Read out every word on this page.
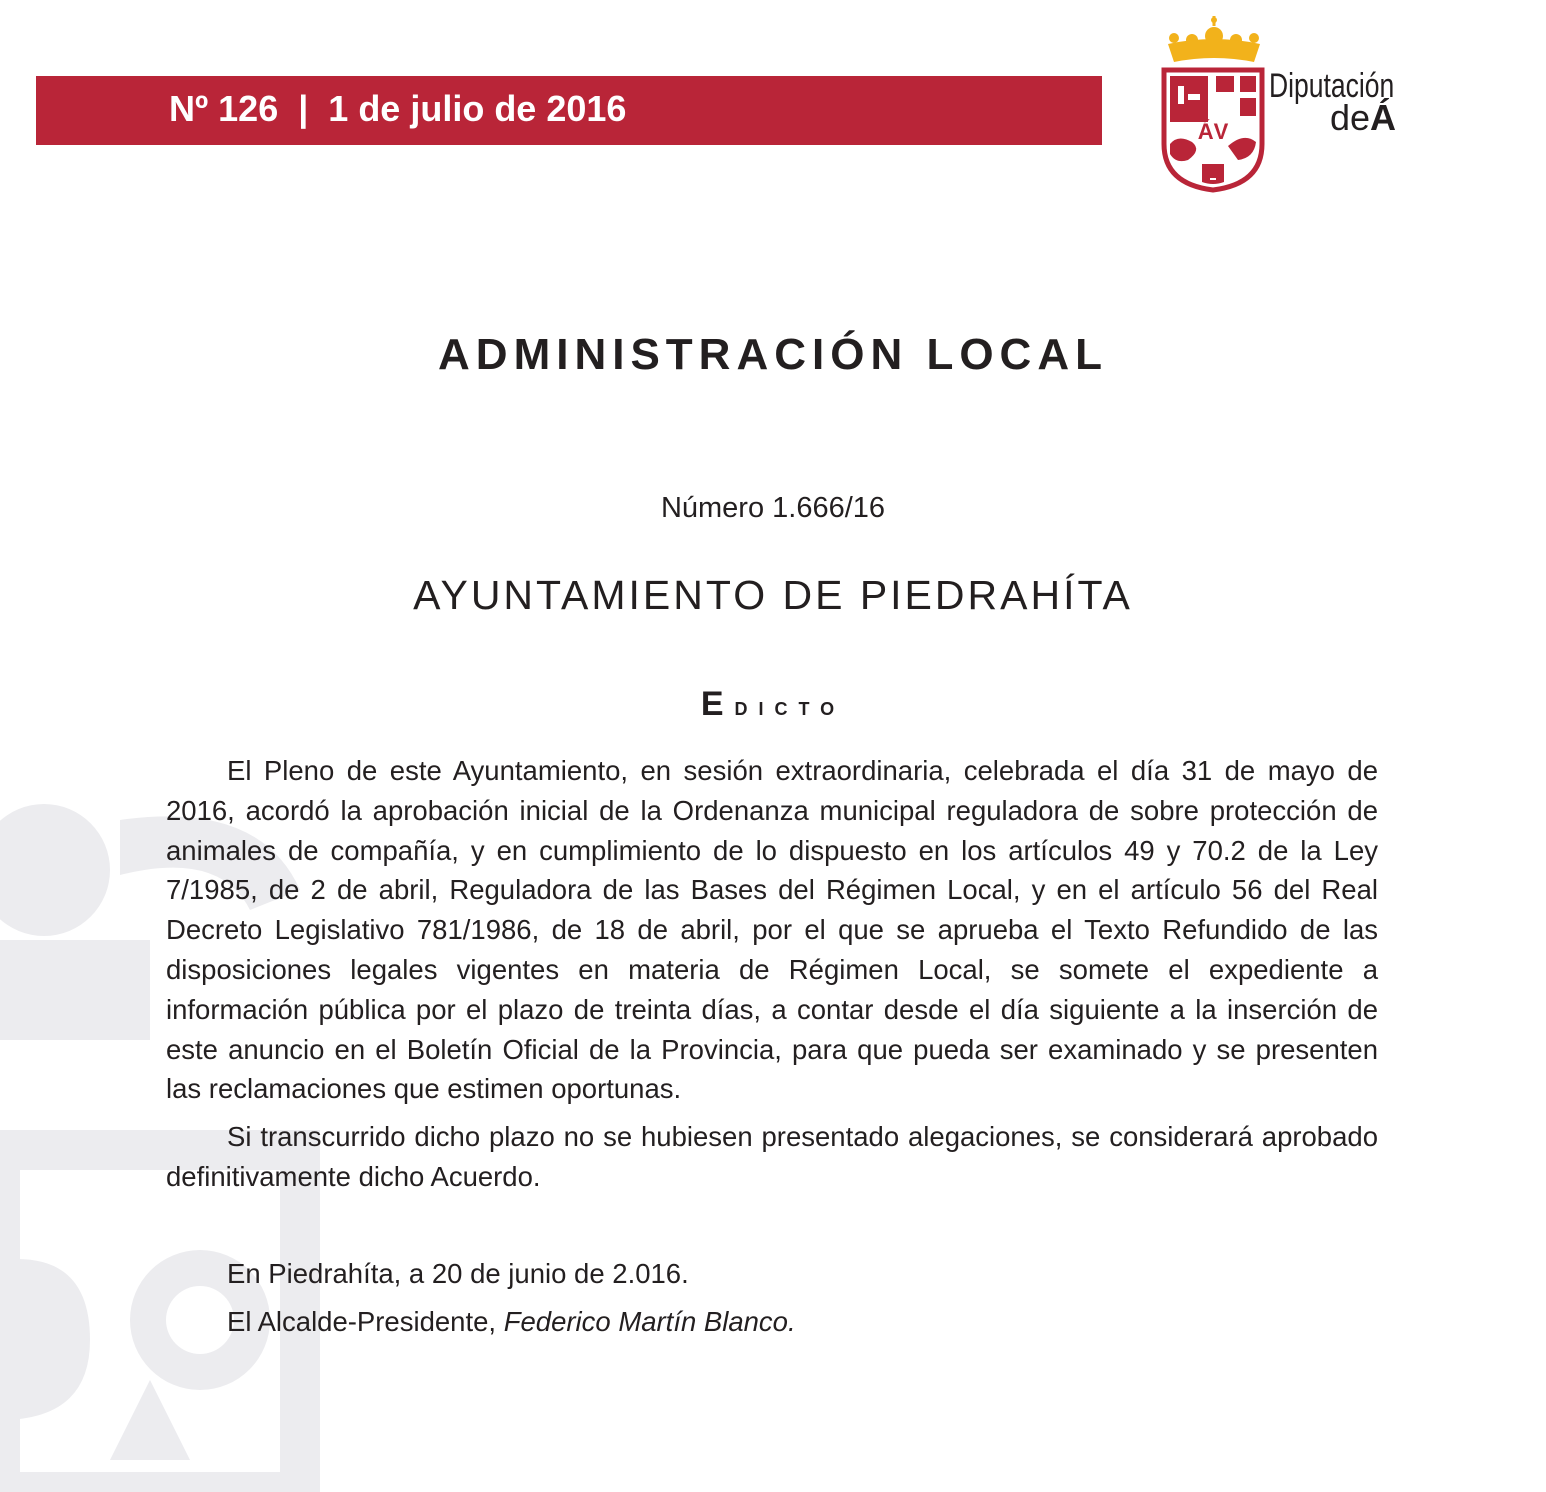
Nº 126  |  1 de julio de 2016
ÁV
Diputación
deÁ
ADMINISTRACIÓN LOCAL
Número 1.666/16
AYUNTAMIENTO DE PIEDRAHÍTA
Edicto

El Pleno de este Ayuntamiento, en sesión extraordinaria, celebrada el día 31 de mayo de 2016, acordó la aprobación inicial de la Ordenanza municipal reguladora de sobre protección de animales de compañía, y en cumplimiento de lo dispuesto en los artículos 49 y 70.2 de la Ley 7/1985, de 2 de abril, Reguladora de las Bases del Régimen Local, y en el artículo 56 del Real Decreto Legislativo 781/1986, de 18 de abril, por el que se aprueba el Texto Refundido de las disposiciones legales vigentes en materia de Régimen Local, se somete el expediente a información pública por el plazo de treinta días, a contar desde el día siguiente a la inserción de este anuncio en el Boletín Oficial de la Provincia, para que pueda ser examinado y se presenten las reclamaciones que estimen oportunas.

Si transcurrido dicho plazo no se hubiesen presentado alegaciones, se considerará aprobado definitivamente dicho Acuerdo.

En Piedrahíta, a 20 de junio de 2.016.
El Alcalde-Presidente, Federico Martín Blanco.
